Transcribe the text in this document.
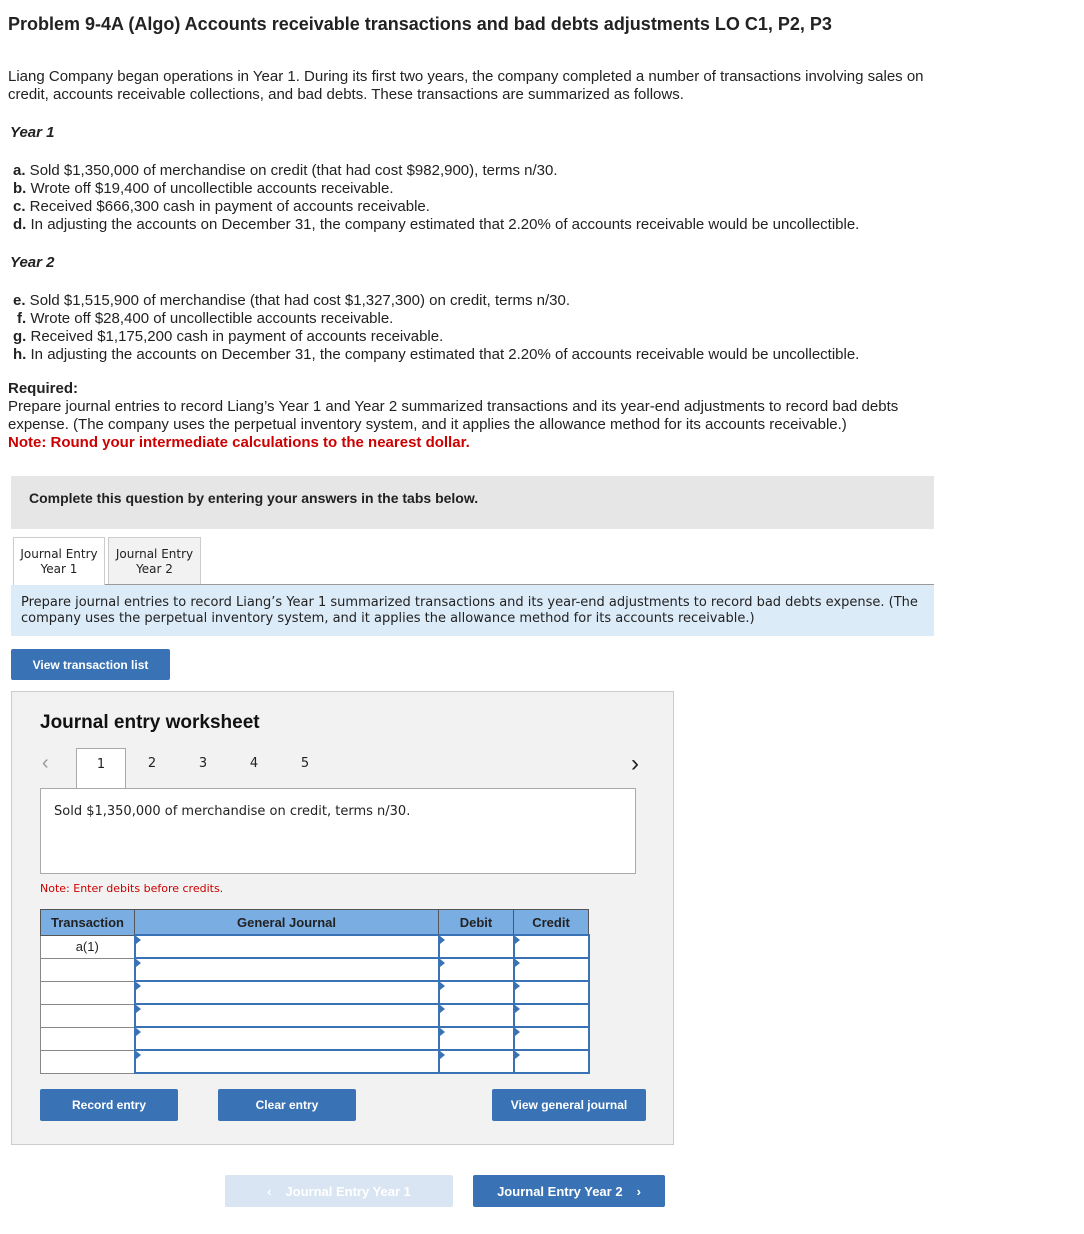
Problem 9-4A (Algo) Accounts receivable transactions and bad debts adjustments LO C1, P2, P3
Liang Company began operations in Year 1. During its first two years, the company completed a number of transactions involving sales on credit, accounts receivable collections, and bad debts. These transactions are summarized as follows.
Year 1
a. Sold $1,350,000 of merchandise on credit (that had cost $982,900), terms n/30.
b. Wrote off $19,400 of uncollectible accounts receivable.
c. Received $666,300 cash in payment of accounts receivable.
d. In adjusting the accounts on December 31, the company estimated that 2.20% of accounts receivable would be uncollectible.
Year 2
e. Sold $1,515,900 of merchandise (that had cost $1,327,300) on credit, terms n/30.
f. Wrote off $28,400 of uncollectible accounts receivable.
g. Received $1,175,200 cash in payment of accounts receivable.
h. In adjusting the accounts on December 31, the company estimated that 2.20% of accounts receivable would be uncollectible.
Required:
Prepare journal entries to record Liang’s Year 1 and Year 2 summarized transactions and its year-end adjustments to record bad debts expense. (The company uses the perpetual inventory system, and it applies the allowance method for its accounts receivable.)
Note: Round your intermediate calculations to the nearest dollar.
Complete this question by entering your answers in the tabs below.
Journal Entry
Year 1
Journal Entry
Year 2
Prepare journal entries to record Liang’s Year 1 summarized transactions and its year-end adjustments to record bad debts expense. (The company uses the perpetual inventory system, and it applies the allowance method for its accounts receivable.)
View transaction list
Journal entry worksheet
‹	1	2	3	4	5	›
Sold $1,350,000 of merchandise on credit, terms n/30.
Note: Enter debits before credits.
Transaction	General Journal	Debit	Credit
a(1)			

Record entry	Clear entry	View general journal
‹ Journal Entry Year 1	Journal Entry Year 2 ›
